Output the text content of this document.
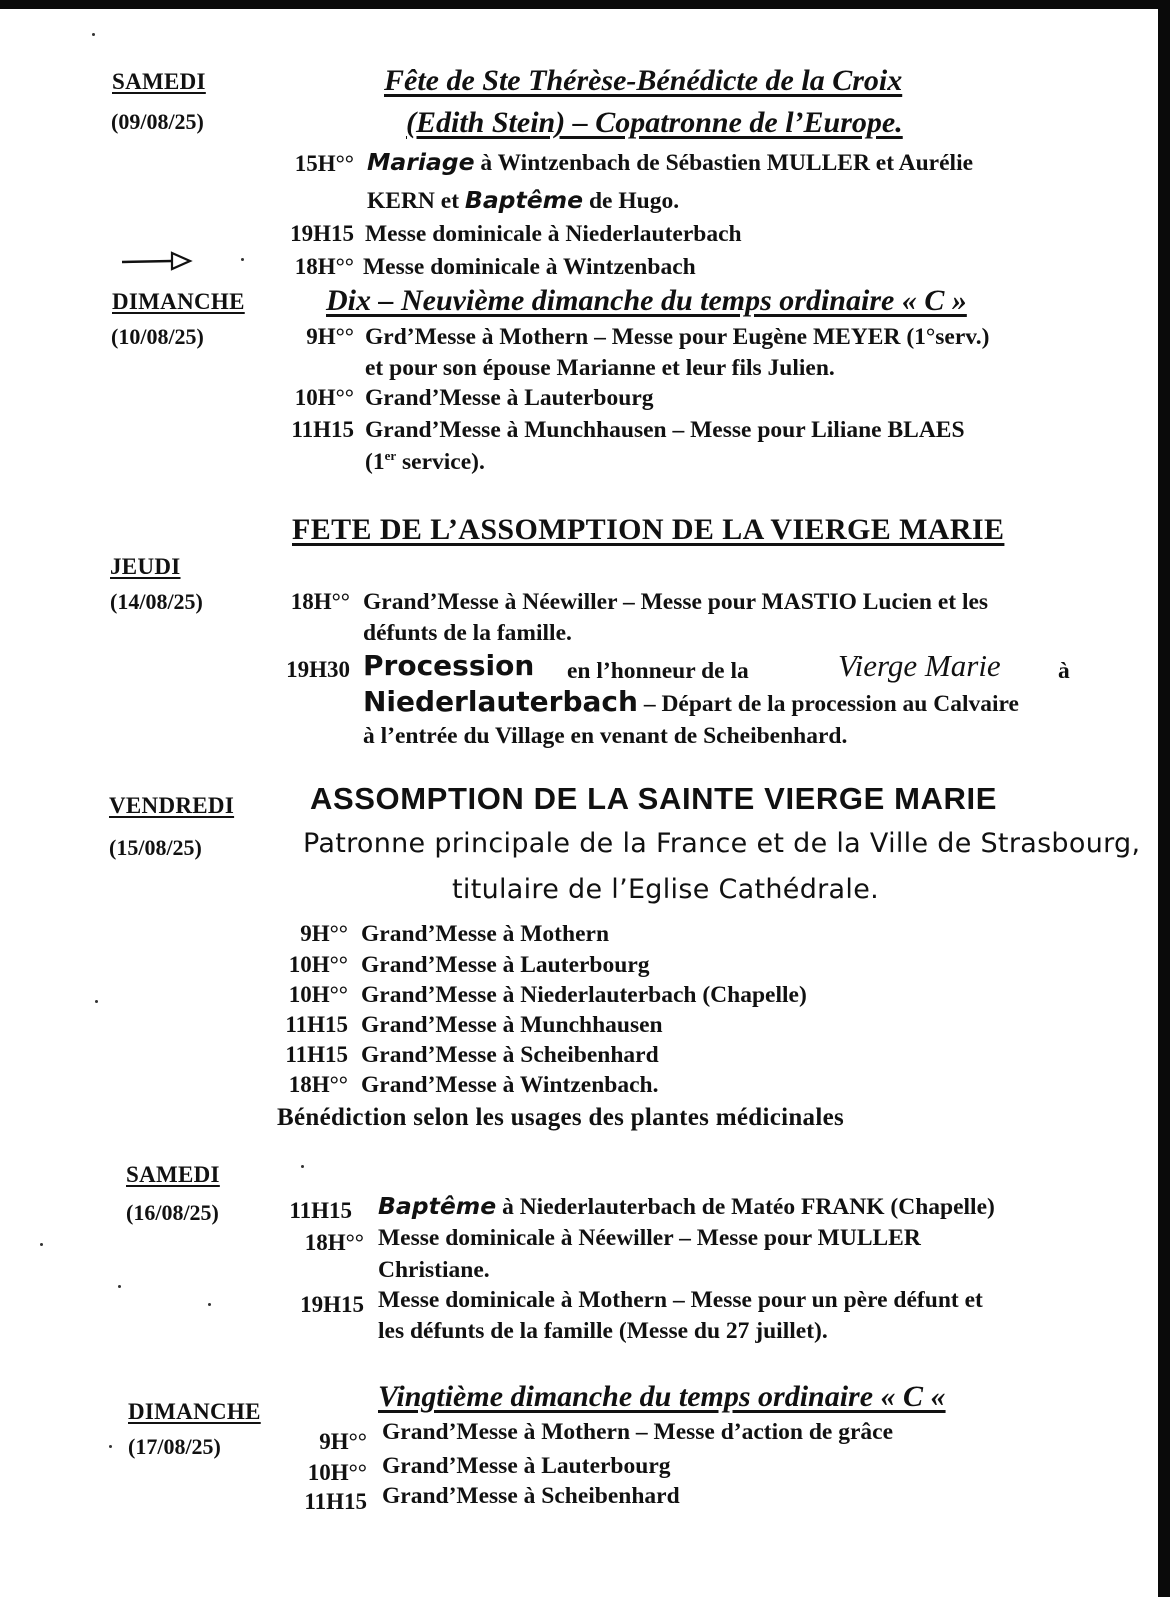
SAMEDI
(09/08/25)
Fête de Ste Thérèse-Bénédicte de la Croix
(Edith Stein) – Copatronne de l’Europe.
15H°° Mariage à Wintzenbach de Sébastien MULLER et Aurélie
KERN et Baptême de Hugo.
19H15 Messe dominicale à Niederlauterbach
18H°° Messe dominicale à Wintzenbach
DIMANCHE
(10/08/25)
Dix – Neuvième dimanche du temps ordinaire « C »
9H°° Grd’Messe à Mothern – Messe pour Eugène MEYER (1°serv.)
et pour son épouse Marianne et leur fils Julien.
10H°° Grand’Messe à Lauterbourg
11H15 Grand’Messe à Munchhausen – Messe pour Liliane BLAES
(1er service).
FETE DE L’ASSOMPTION DE LA VIERGE MARIE
JEUDI
(14/08/25)	18H°° Grand’Messe à Néewiller – Messe pour MASTIO Lucien et les
défunts de la famille.
19H30 Procession en l’honneur de la	Vierge Marie à
Niederlauterbach – Départ de la procession au Calvaire
à l’entrée du Village en venant de Scheibenhard.
VENDREDI
(15/08/25)
ASSOMPTION DE LA SAINTE VIERGE MARIE
Patronne principale de la France et de la Ville de Strasbourg,
titulaire de l’Eglise Cathédrale.
9H°° Grand’Messe à Mothern
10H°° Grand’Messe à Lauterbourg
10H°° Grand’Messe à Niederlauterbach (Chapelle)
11H15 Grand’Messe à Munchhausen
11H15 Grand’Messe à Scheibenhard
18H°° Grand’Messe à Wintzenbach.
Bénédiction selon les usages des plantes médicinales
SAMEDI
(16/08/25)	11H15 Baptême à Niederlauterbach de Matéo FRANK (Chapelle)
18H°° Messe dominicale à Néewiller – Messe pour MULLER
Christiane.
19H15 Messe dominicale à Mothern – Messe pour un père défunt et
les défunts de la famille (Messe du 27 juillet).
DIMANCHE
(17/08/25)
Vingtième dimanche du temps ordinaire « C «
9H°° Grand’Messe à Mothern – Messe d’action de grâce
10H°° Grand’Messe à Lauterbourg
11H15 Grand’Messe à Scheibenhard
